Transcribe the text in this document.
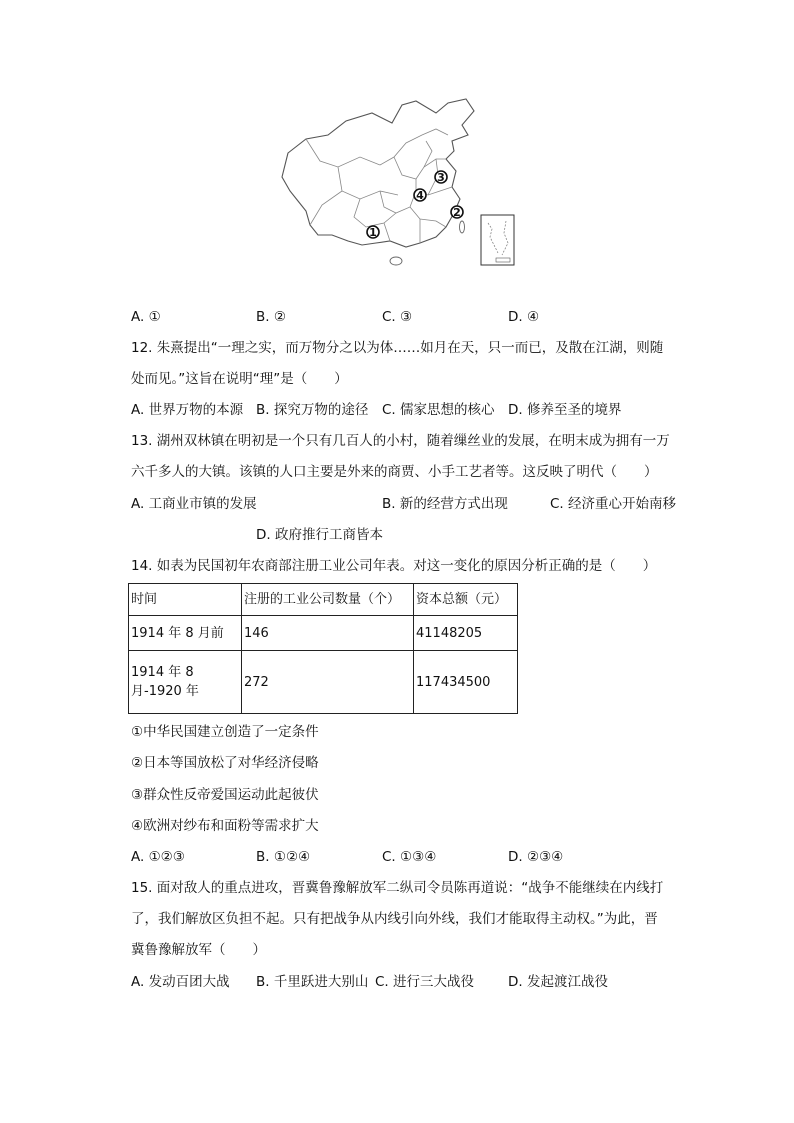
1
2
3
4
A. ①	B. ②	C. ③	D. ④
12. 朱熹提出“一理之实，而万物分之以为体……如月在天，只一而已，及散在江湖，则随
处而见。”这旨在说明“理”是（　　）
A. 世界万物的本源 B. 探究万物的途径 C. 儒家思想的核心 D. 修养至圣的境界
13. 湖州双林镇在明初是一个只有几百人的小村，随着缫丝业的发展，在明末成为拥有一万
六千多人的大镇。该镇的人口主要是外来的商贾、小手工艺者等。这反映了明代（　　）
A. 工商业市镇的发展	B. 新的经营方式出现	C. 经济重心开始南移
D. 政府推行工商皆本
14. 如表为民国初年农商部注册工业公司年表。对这一变化的原因分析正确的是（　　）
时间	注册的工业公司数量（个）	资本总额（元）
1914 年 8 月前	146	41148205
1914 年 8 月-1920 年	272	117434500
①中华民国建立创造了一定条件
②日本等国放松了对华经济侵略
③群众性反帝爱国运动此起彼伏
④欧洲对纱布和面粉等需求扩大
A. ①②③	B. ①②④	C. ①③④	D. ②③④
15. 面对敌人的重点进攻，晋冀鲁豫解放军二纵司令员陈再道说：“战争不能继续在内线打
了，我们解放区负担不起。只有把战争从内线引向外线，我们才能取得主动权。”为此，晋
冀鲁豫解放军（　　）
A. 发动百团大战 B. 千里跃进大别山 C. 进行三大战役	D. 发起渡江战役
